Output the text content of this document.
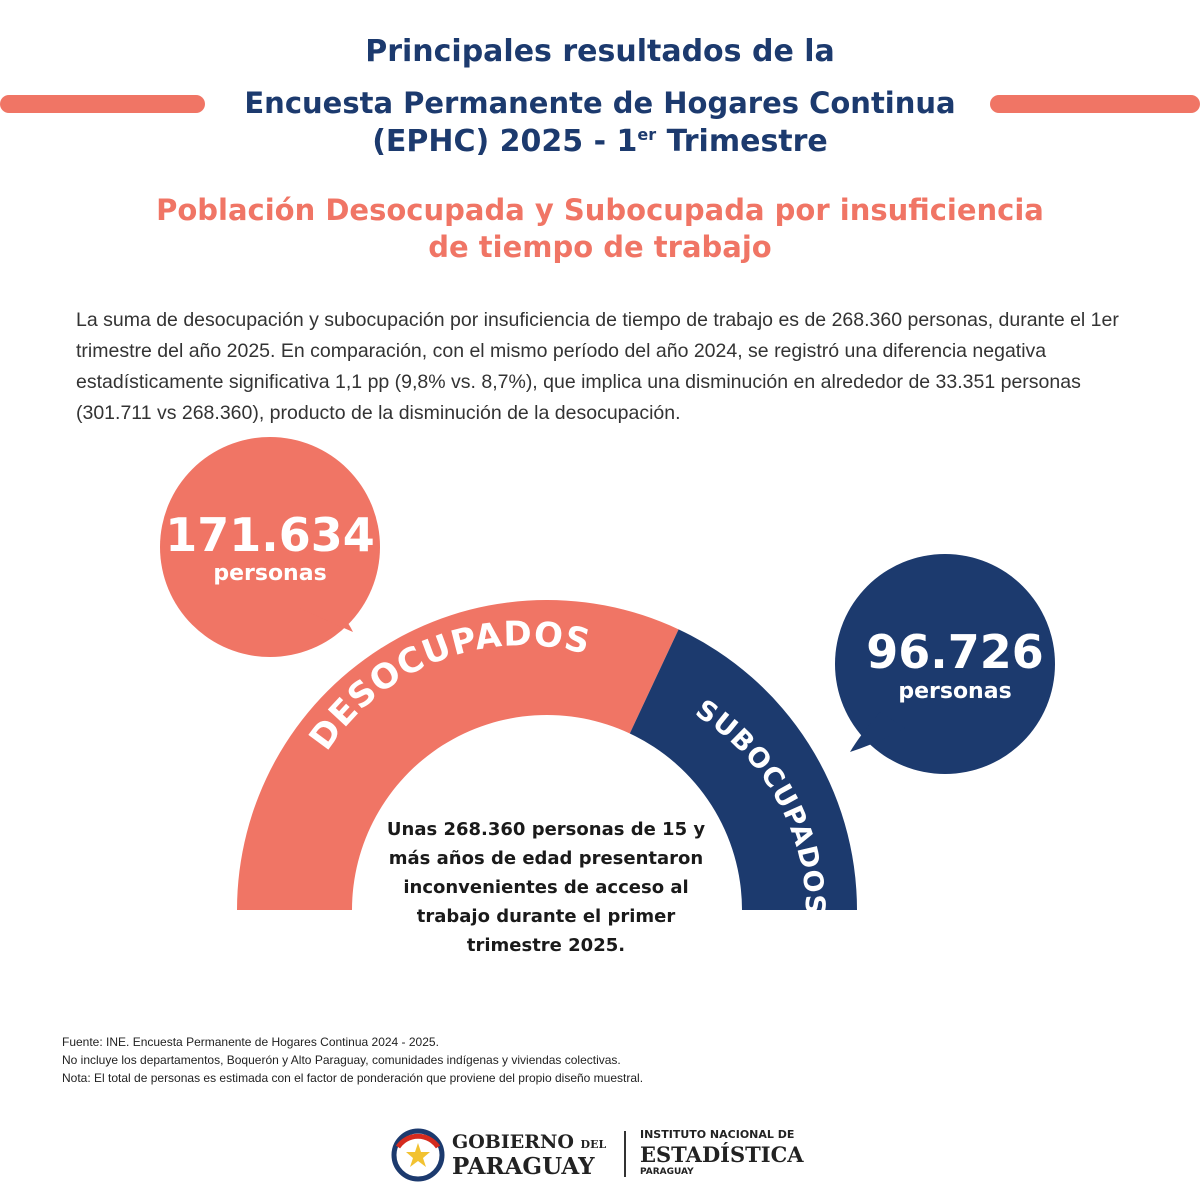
Principales resultados de la
Encuesta Permanente de Hogares Continua
(EPHC) 2025 - 1er Trimestre
Población Desocupada y Subocupada por insuficiencia
de tiempo de trabajo
La suma de desocupación y subocupación por insuficiencia de tiempo de trabajo es de 268.360 personas, durante el 1er trimestre del año 2025. En comparación, con el mismo período del año 2024, se registró una diferencia negativa estadísticamente significativa 1,1 pp (9,8% vs. 8,7%), que implica una disminución en alrededor de 33.351 personas (301.711 vs 268.360), producto de la disminución de la desocupación.
DESOCUPADOS
SUBOCUPADOS
171.634
personas
96.726
personas
Unas 268.360 personas de 15 y más años de edad presentaron inconvenientes de acceso al trabajo durante el primer trimestre 2025.
Fuente: INE. Encuesta Permanente de Hogares Continua 2024 - 2025.
No incluye los departamentos, Boquerón y Alto Paraguay, comunidades indígenas y viviendas colectivas.
Nota: El total de personas es estimada con el factor de ponderación que proviene del propio diseño muestral.
GOBIERNO DEL
PARAGUAY
INSTITUTO NACIONAL DE
ESTADÍSTICA
PARAGUAY
